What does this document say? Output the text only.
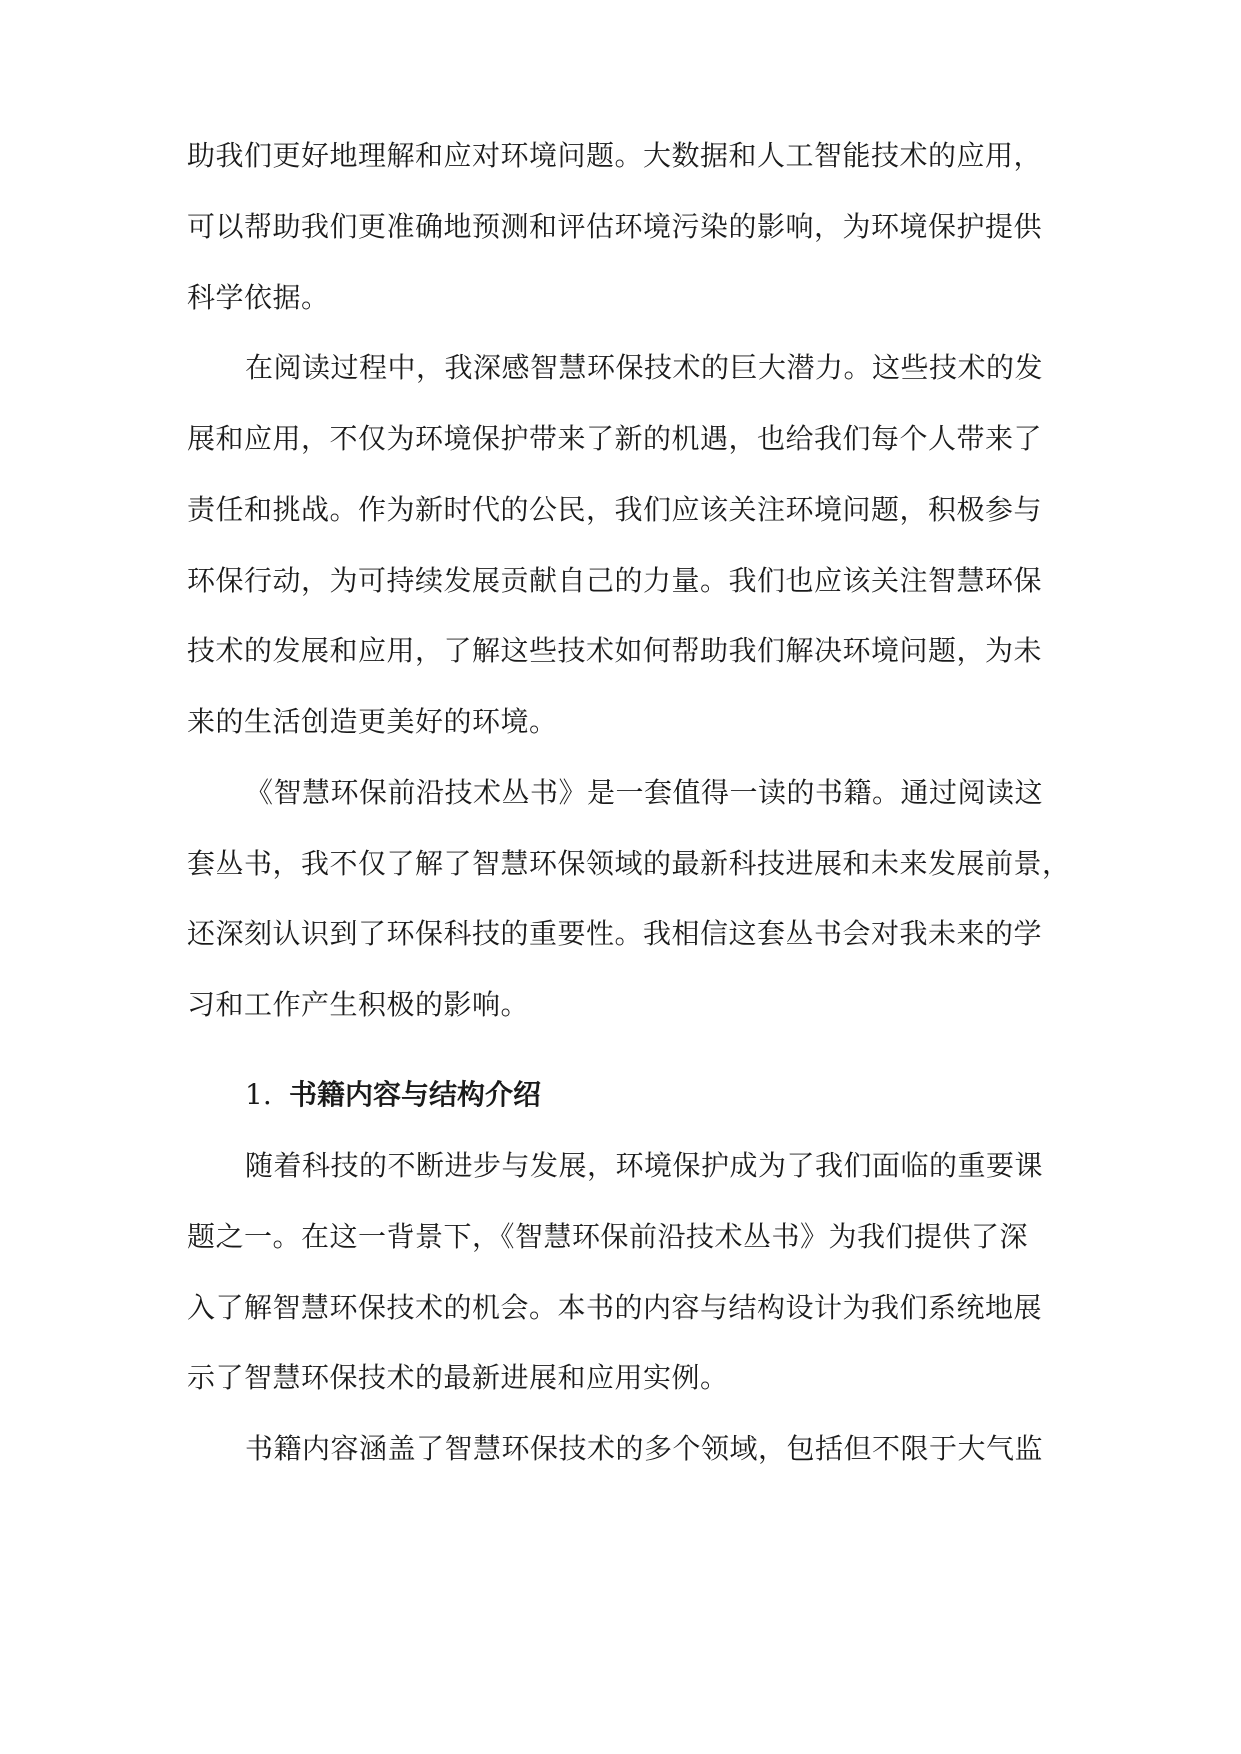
助我们更好地理解和应对环境问题。大数据和人工智能技术的应用，
可以帮助我们更准确地预测和评估环境污染的影响，为环境保护提供
科学依据。
在阅读过程中，我深感智慧环保技术的巨大潜力。这些技术的发
展和应用，不仅为环境保护带来了新的机遇，也给我们每个人带来了
责任和挑战。作为新时代的公民，我们应该关注环境问题，积极参与
环保行动，为可持续发展贡献自己的力量。我们也应该关注智慧环保
技术的发展和应用，了解这些技术如何帮助我们解决环境问题，为未
来的生活创造更美好的环境。
《智慧环保前沿技术丛书》是一套值得一读的书籍。通过阅读这
套丛书，我不仅了解了智慧环保领域的最新科技进展和未来发展前景，
还深刻认识到了环保科技的重要性。我相信这套丛书会对我未来的学
习和工作产生积极的影响。
1. 书籍内容与结构介绍
随着科技的不断进步与发展，环境保护成为了我们面临的重要课
题之一。在这一背景下，《智慧环保前沿技术丛书》为我们提供了深
入了解智慧环保技术的机会。本书的内容与结构设计为我们系统地展
示了智慧环保技术的最新进展和应用实例。
书籍内容涵盖了智慧环保技术的多个领域，包括但不限于大气监
